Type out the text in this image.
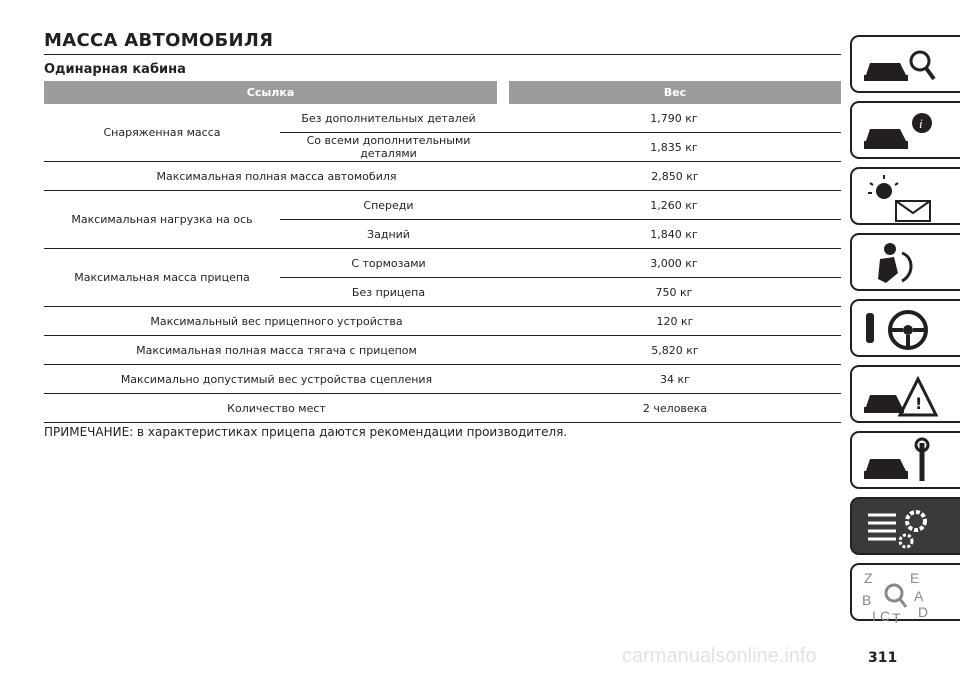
МАССА АВТОМОБИЛЯ
Одинарная кабина
Ссылка	Вес
Снаряженная масса
Без дополнительных деталей	1,790 кг
Со всеми дополнительными деталями	1,835 кг
Максимальная полная масса автомобиля	2,850 кг
Максимальная нагрузка на ось
Спереди	1,260 кг
Задний	1,840 кг
Максимальная масса прицепа
С тормозами	3,000 кг
Без прицепа	750 кг
Максимальный вес прицепного устройства	120 кг
Максимальная полная масса тягача с прицепом	5,820 кг
Максимально допустимый вес устройства сцепления	34 кг
Количество мест	2 человека
ПРИМЕЧАНИЕ: в характеристиках прицепа даются рекомендации производителя.
i
!
Z	E
B	A
I C T D
311
carmanualsonline.info
